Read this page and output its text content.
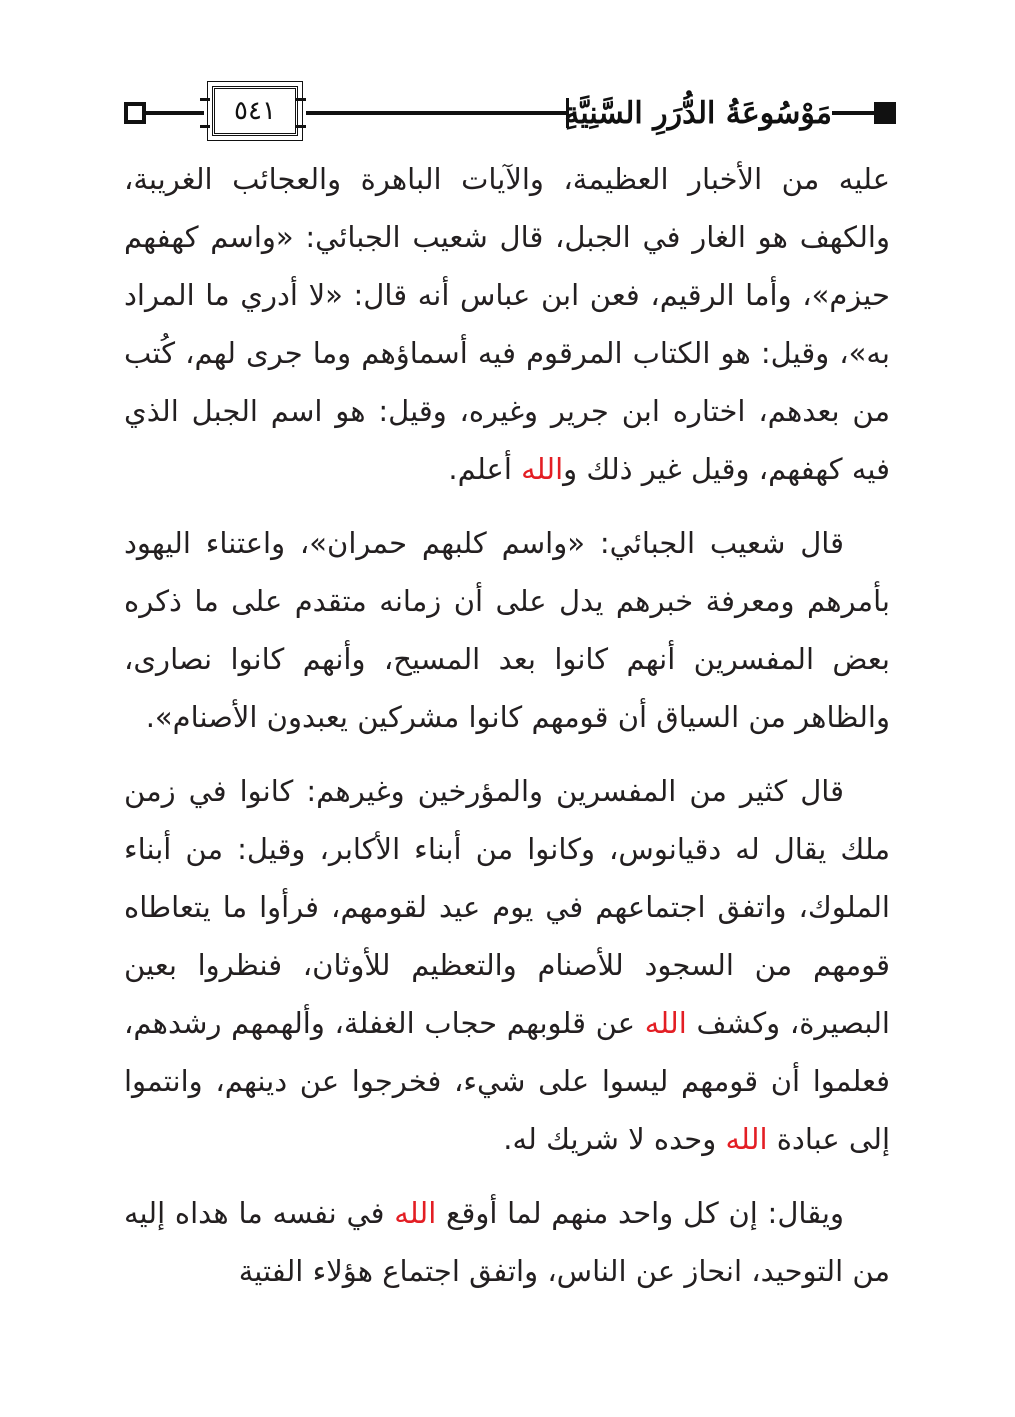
٥٤١	مَوْسُوعَةُ الدُّرَرِ السَّنِيَّةِ

عليه من الأخبار العظيمة، والآيات الباهرة والعجائب الغريبة، والكهف هو الغار في الجبل، قال شعيب الجبائي: «واسم كهفهم حيزم»، وأما الرقيم، فعن ابن عباس أنه قال: «لا أدري ما المراد به»، وقيل: هو الكتاب المرقوم فيه أسماؤهم وما جرى لهم، كُتب من بعدهم، اختاره ابن جرير وغيره، وقيل: هو اسم الجبل الذي فيه كهفهم، وقيل غير ذلك والله أعلم.

قال شعيب الجبائي: «واسم كلبهم حمران»، واعتناء اليهود بأمرهم ومعرفة خبرهم يدل على أن زمانه متقدم على ما ذكره بعض المفسرين أنهم كانوا بعد المسيح، وأنهم كانوا نصارى، والظاهر من السياق أن قومهم كانوا مشركين يعبدون الأصنام».

قال كثير من المفسرين والمؤرخين وغيرهم: كانوا في زمن ملك يقال له دقيانوس، وكانوا من أبناء الأكابر، وقيل: من أبناء الملوك، واتفق اجتماعهم في يوم عيد لقومهم، فرأوا ما يتعاطاه قومهم من السجود للأصنام والتعظيم للأوثان، فنظروا بعين البصيرة، وكشف الله عن قلوبهم حجاب الغفلة، وألهمهم رشدهم، فعلموا أن قومهم ليسوا على شيء، فخرجوا عن دينهم، وانتموا إلى عبادة الله وحده لا شريك له.

ويقال: إن كل واحد منهم لما أوقع الله في نفسه ما هداه إليه من التوحيد، انحاز عن الناس، واتفق اجتماع هؤلاء الفتية
